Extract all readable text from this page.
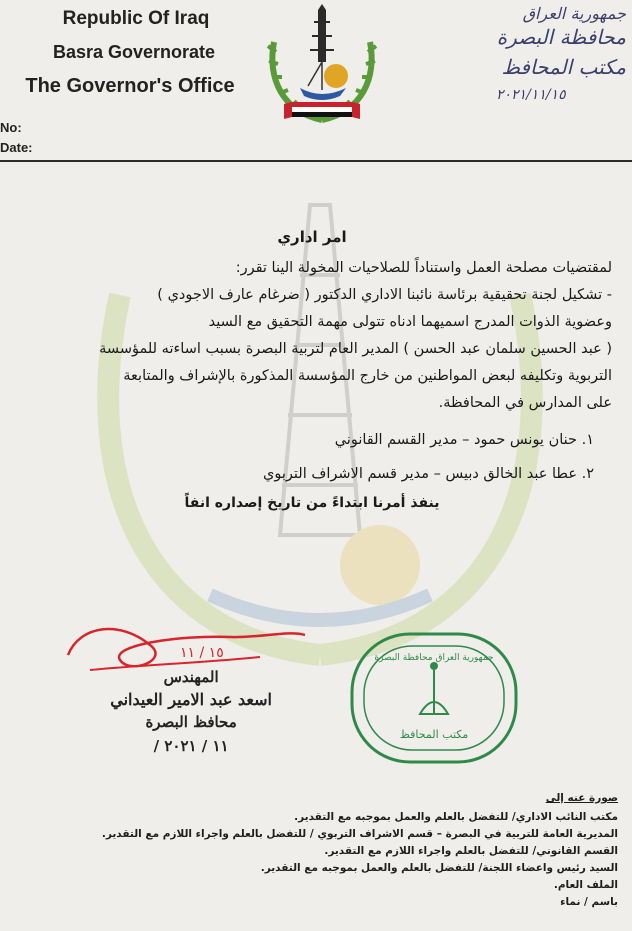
Republic Of Iraq
Basra Governorate
The Governor's Office
No:
Date:
جمهورية العراق
محافظة البصرة
مكتب المحافظ
٢٠٢١/١١/١٥
امر اداري
لمقتضيات مصلحة العمل واستناداً للصلاحيات المخولة الينا تقرر:
- تشكيل لجنة تحقيقية برئاسة نائبنا الاداري الدكتور ( ضرغام عارف الاجودي )
وعضوية الذوات المدرج اسميهما ادناه تتولى مهمة التحقيق مع السيد
( عبد الحسين سلمان عبد الحسن ) المدير العام لتربية البصرة بسبب اساءته للمؤسسة
التربوية وتكليفه لبعض المواطنين من خارج المؤسسة المذكورة بالإشراف والمتابعة
على المدارس في المحافظة.
١. حنان يونس حمود – مدير القسم القانوني
٢. عطا عبد الخالق دبيس – مدير قسم الاشراف التربوي
ينفذ أمرنا ابتداءً من تاريخ إصداره انفاً
١٥ / ١١
المهندس
اسعد عبد الامير العيداني
محافظ البصرة
/ ١١ / ٢٠٢١
جمهورية العراق محافظة البصرة
مكتب المحافظ
صورة عنه إلى
مكتب النائب الاداري/ للتفضل بالعلم والعمل بموجبه مع التقدير.
المديرية العامة للتربية في البصرة – قسم الاشراف التربوي / للتفضل بالعلم واجراء اللازم مع التقدير.
القسم القانوني/ للتفضل بالعلم واجراء اللازم مع التقدير.
السيد رئيس واعضاء اللجنة/ للتفضل بالعلم والعمل بموجبه مع التقدير.
الملف العام.
باسم / نماء
